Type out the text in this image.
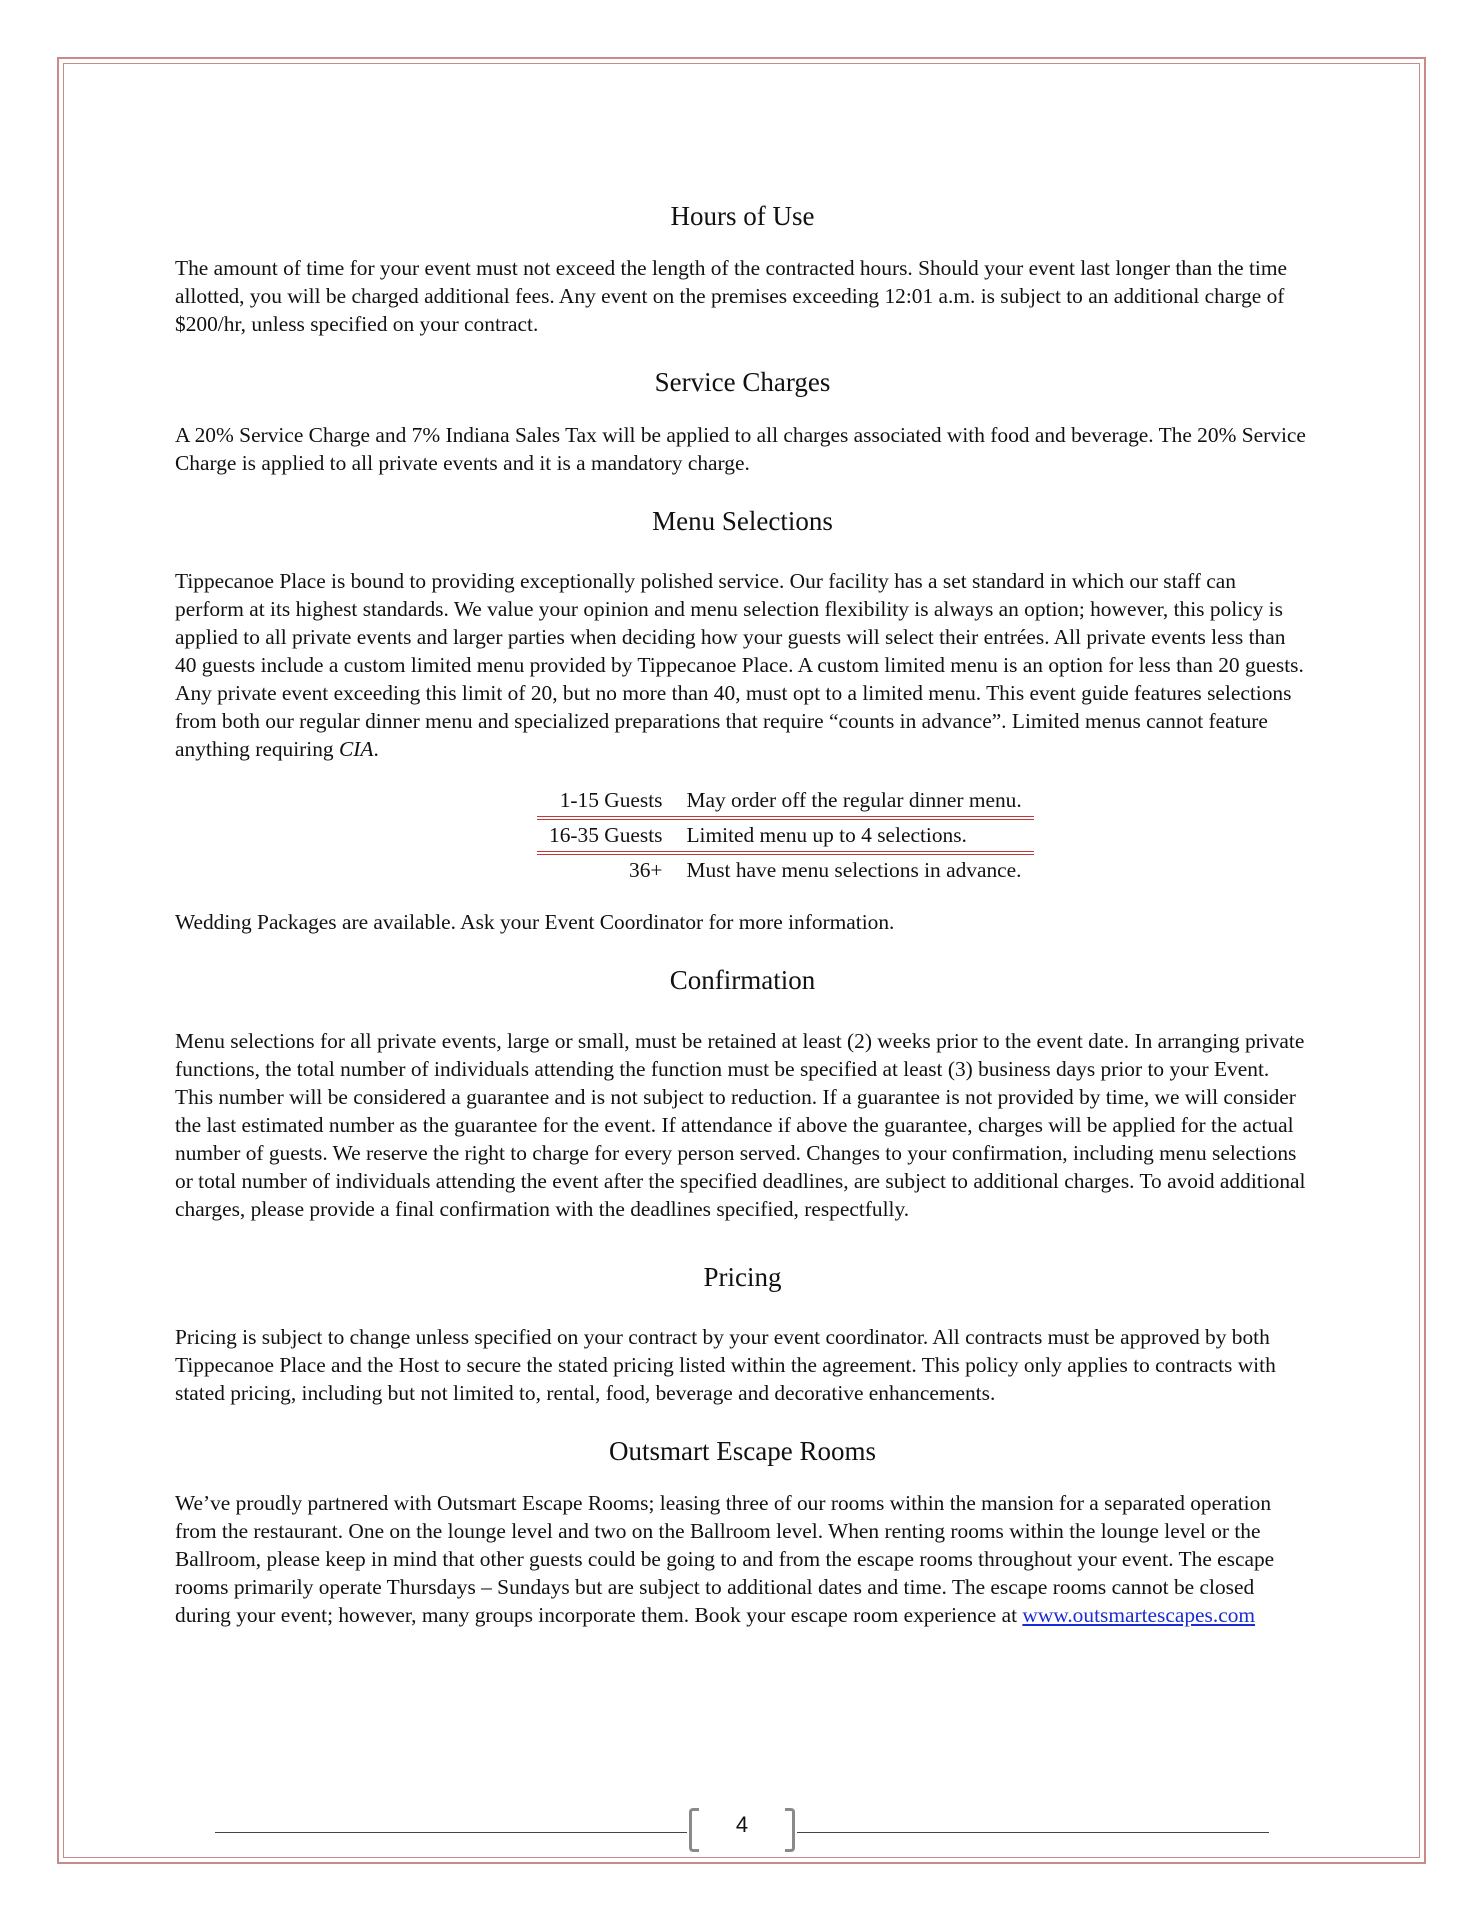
Hours of Use

The amount of time for your event must not exceed the length of the contracted hours. Should your event last longer than the time allotted, you will be charged additional fees. Any event on the premises exceeding 12:01 a.m. is subject to an additional charge of $200/hr, unless specified on your contract.

Service Charges

A 20% Service Charge and 7% Indiana Sales Tax will be applied to all charges associated with food and beverage. The 20% Service Charge is applied to all private events and it is a mandatory charge.

Menu Selections

Tippecanoe Place is bound to providing exceptionally polished service. Our facility has a set standard in which our staff can perform at its highest standards. We value your opinion and menu selection flexibility is always an option; however, this policy is applied to all private events and larger parties when deciding how your guests will select their entrées. All private events less than 40 guests include a custom limited menu provided by Tippecanoe Place. A custom limited menu is an option for less than 20 guests. Any private event exceeding this limit of 20, but no more than 40, must opt to a limited menu. This event guide features selections from both our regular dinner menu and specialized preparations that require “counts in advance”. Limited menus cannot feature anything requiring CIA.

1-15 Guests	May order off the regular dinner menu.
16-35 Guests	Limited menu up to 4 selections.
36+	Must have menu selections in advance.

Wedding Packages are available. Ask your Event Coordinator for more information.

Confirmation

Menu selections for all private events, large or small, must be retained at least (2) weeks prior to the event date. In arranging private functions, the total number of individuals attending the function must be specified at least (3) business days prior to your Event. This number will be considered a guarantee and is not subject to reduction. If a guarantee is not provided by time, we will consider the last estimated number as the guarantee for the event. If attendance if above the guarantee, charges will be applied for the actual number of guests. We reserve the right to charge for every person served. Changes to your confirmation, including menu selections or total number of individuals attending the event after the specified deadlines, are subject to additional charges. To avoid additional charges, please provide a final confirmation with the deadlines specified, respectfully.

Pricing

Pricing is subject to change unless specified on your contract by your event coordinator. All contracts must be approved by both Tippecanoe Place and the Host to secure the stated pricing listed within the agreement. This policy only applies to contracts with stated pricing, including but not limited to, rental, food, beverage and decorative enhancements.

Outsmart Escape Rooms

We’ve proudly partnered with Outsmart Escape Rooms; leasing three of our rooms within the mansion for a separated operation from the restaurant. One on the lounge level and two on the Ballroom level. When renting rooms within the lounge level or the Ballroom, please keep in mind that other guests could be going to and from the escape rooms throughout your event. The escape rooms primarily operate Thursdays – Sundays but are subject to additional dates and time. The escape rooms cannot be closed during your event; however, many groups incorporate them. Book your escape room experience at www.outsmartescapes.com

4
